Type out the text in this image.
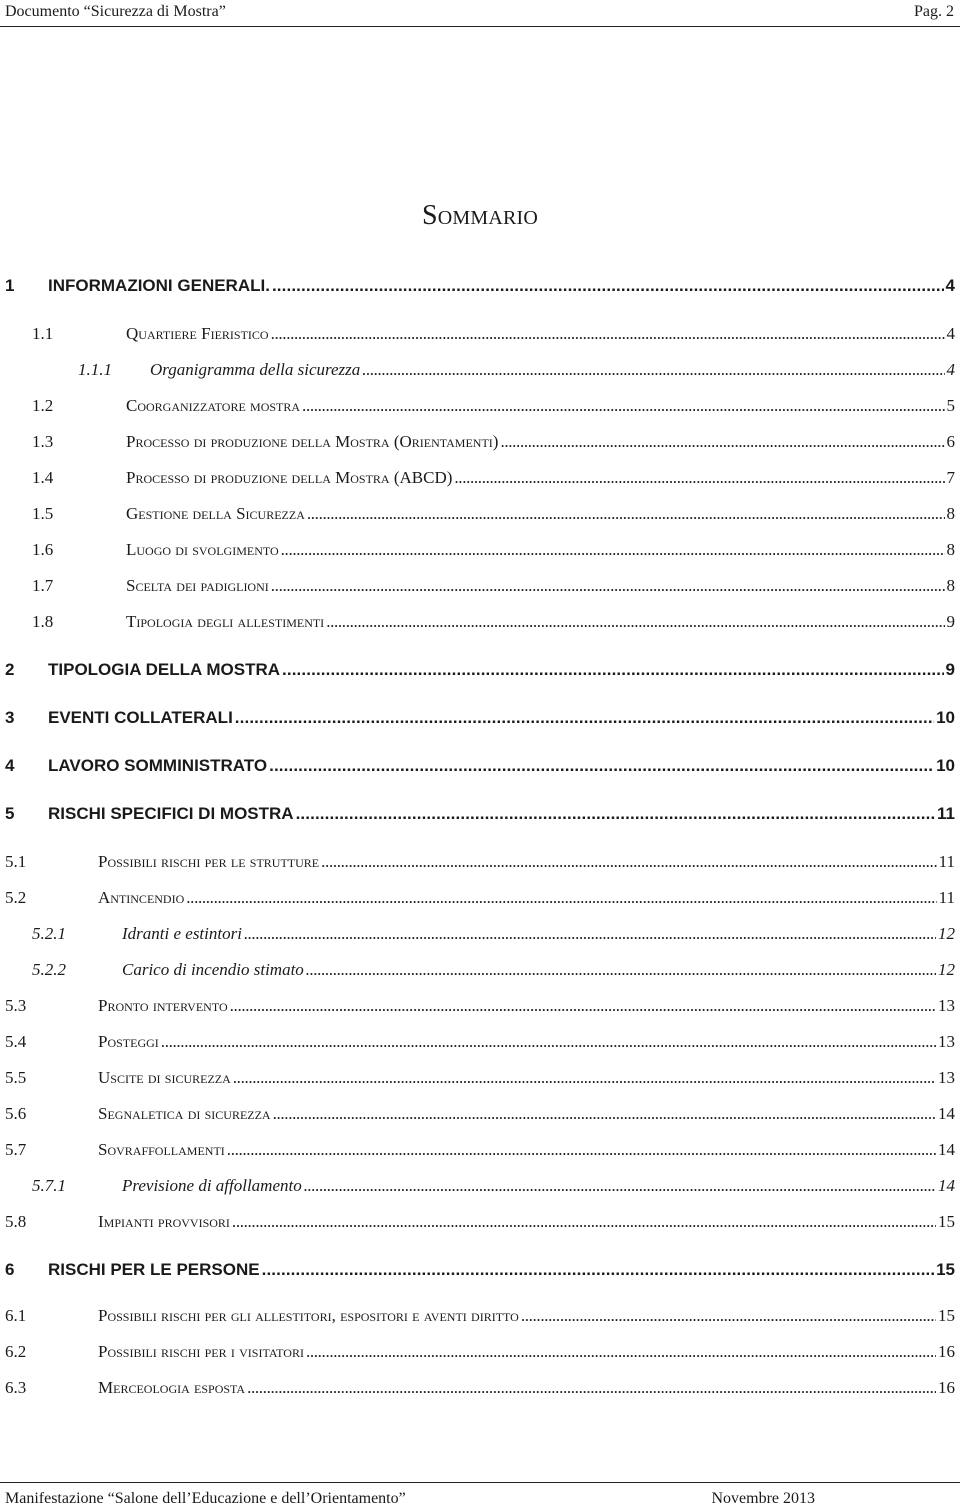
Documento “Sicurezza di Mostra”	Pag. 2
Sommario
1 INFORMAZIONI GENERALI. . . .	4
1.1	Quartiere Fieristico . . .	4
1.1.1 Organigramma della sicurezza . . .	4
1.2	Coorganizzatore mostra . . .	5
1.3	Processo di produzione della Mostra (Orientamenti) . . .	6
1.4	Processo di produzione della Mostra (ABCD) . . .	7
1.5	Gestione della Sicurezza . . .	8
1.6	Luogo di svolgimento . . .	8
1.7	Scelta dei padiglioni . . .	8
1.8	Tipologia degli allestimenti . . .	9
2 TIPOLOGIA DELLA MOSTRA . . .	9
3 EVENTI COLLATERALI . . .	10
4 LAVORO SOMMINISTRATO . . .	10
5 RISCHI SPECIFICI DI MOSTRA . . .	11
5.1	Possibili rischi per le strutture . . .	11
5.2	Antincendio . . .	11
5.2.1	Idranti e estintori . . .	12
5.2.2	Carico di incendio stimato . . .	12
5.3	Pronto intervento . . .	13
5.4	Posteggi . . .	13
5.5	Uscite di sicurezza . . .	13
5.6	Segnaletica di sicurezza . . .	14
5.7	Sovraffollamenti . . .	14
5.7.1	Previsione di affollamento . . .	14
5.8	Impianti provvisori . . .	15
6 RISCHI PER LE PERSONE . . .	15
6.1	Possibili rischi per gli allestitori, espositori e aventi diritto . . .	15
6.2	Possibili rischi per i visitatori . . .	16
6.3	Merceologia esposta . . .	16
Manifestazione “Salone dell’Educazione e dell’Orientamento”	Novembre 2013
